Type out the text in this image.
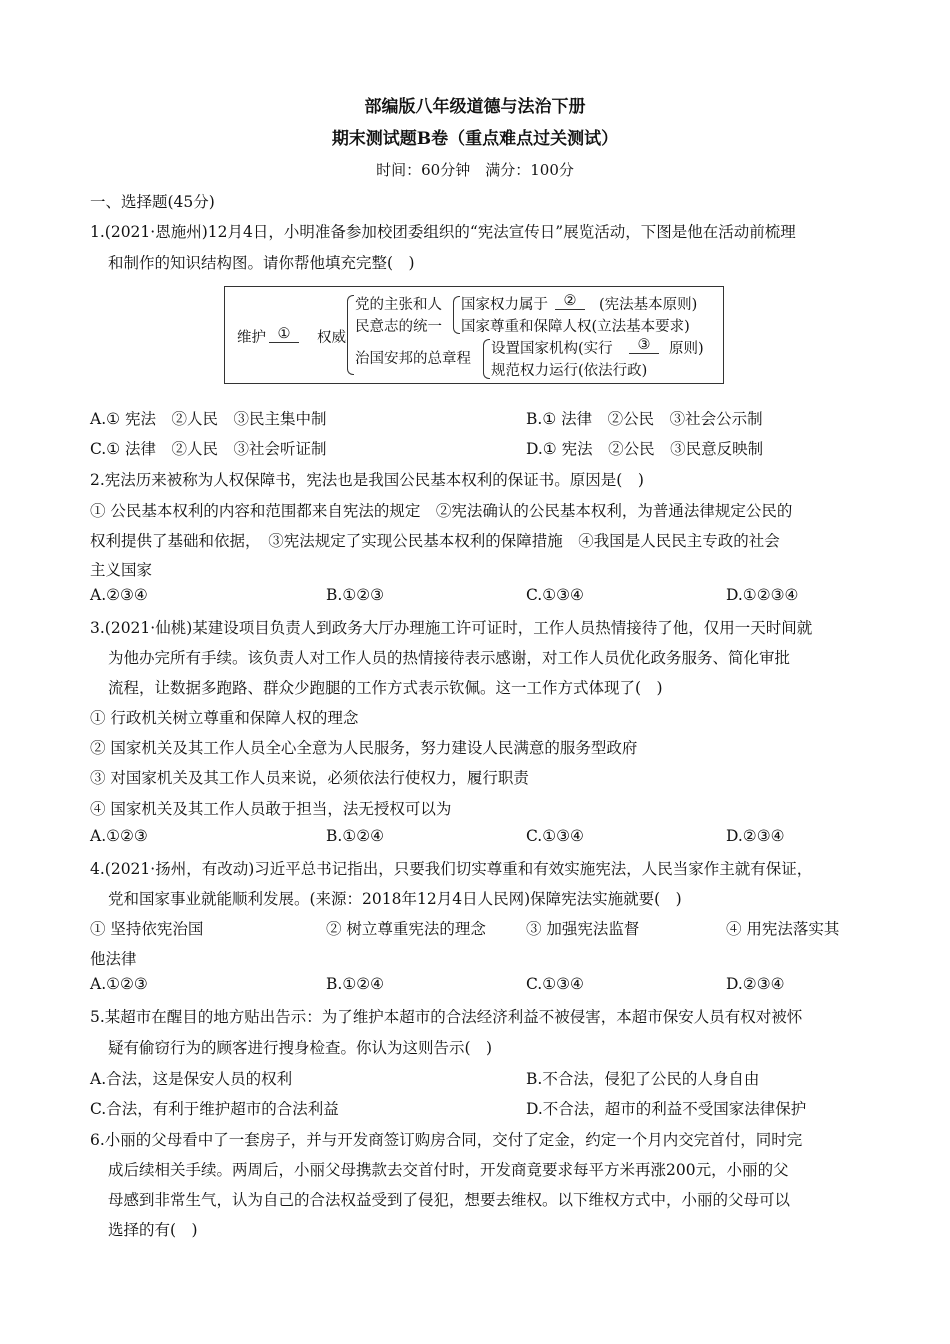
部编版八年级道德与法治下册
期末测试题B卷（重点难点过关测试）
时间：60分钟　满分：100分
一、选择题(45分)
1.(2021·恩施州)12月4日，小明准备参加校团委组织的“宪法宣传日”展览活动，下图是他在活动前梳理
和制作的知识结构图。请你帮他填充完整(　)
维护 ①	权威
党的主张和人
民意志的统一
国家权力属于	②	(宪法基本原则)
国家尊重和保障人权(立法基本要求)
治国安邦的总章程
设置国家机构(实行	③	原则)
规范权力运行(依法行政)
A.① 宪法　②人民　③民主集中制	B.① 法律　②公民　③社会公示制
C.① 法律　②人民　③社会听证制	D.① 宪法　②公民　③民意反映制
2.宪法历来被称为人权保障书，宪法也是我国公民基本权利的保证书。原因是(　)
① 公民基本权利的内容和范围都来自宪法的规定　②宪法确认的公民基本权利，为普通法律规定公民的
权利提供了基础和依据，　③宪法规定了实现公民基本权利的保障措施　④我国是人民民主专政的社会
主义国家
A.②③④	B.①②③	C.①③④	D.①②③④
3.(2021·仙桃)某建设项目负责人到政务大厅办理施工许可证时，工作人员热情接待了他，仅用一天时间就
为他办完所有手续。该负责人对工作人员的热情接待表示感谢，对工作人员优化政务服务、简化审批
流程，让数据多跑路、群众少跑腿的工作方式表示钦佩。这一工作方式体现了(　)
① 行政机关树立尊重和保障人权的理念
② 国家机关及其工作人员全心全意为人民服务，努力建设人民满意的服务型政府
③ 对国家机关及其工作人员来说，必须依法行使权力，履行职责
④ 国家机关及其工作人员敢于担当，法无授权可以为
A.①②③	B.①②④	C.①③④	D.②③④
4.(2021·扬州，有改动)习近平总书记指出，只要我们切实尊重和有效实施宪法，人民当家作主就有保证，
党和国家事业就能顺利发展。(来源：2018年12月4日人民网)保障宪法实施就要(　)
① 坚持依宪治国	② 树立尊重宪法的理念	③ 加强宪法监督	④ 用宪法落实其
他法律
A.①②③	B.①②④	C.①③④	D.②③④
5.某超市在醒目的地方贴出告示：为了维护本超市的合法经济利益不被侵害，本超市保安人员有权对被怀
疑有偷窃行为的顾客进行搜身检查。你认为这则告示(　)
A.合法，这是保安人员的权利	B.不合法，侵犯了公民的人身自由
C.合法，有利于维护超市的合法利益	D.不合法，超市的利益不受国家法律保护
6.小丽的父母看中了一套房子，并与开发商签订购房合同，交付了定金，约定一个月内交完首付，同时完
成后续相关手续。两周后，小丽父母携款去交首付时，开发商竟要求每平方米再涨200元，小丽的父
母感到非常生气，认为自己的合法权益受到了侵犯，想要去维权。以下维权方式中，小丽的父母可以
选择的有(　)
